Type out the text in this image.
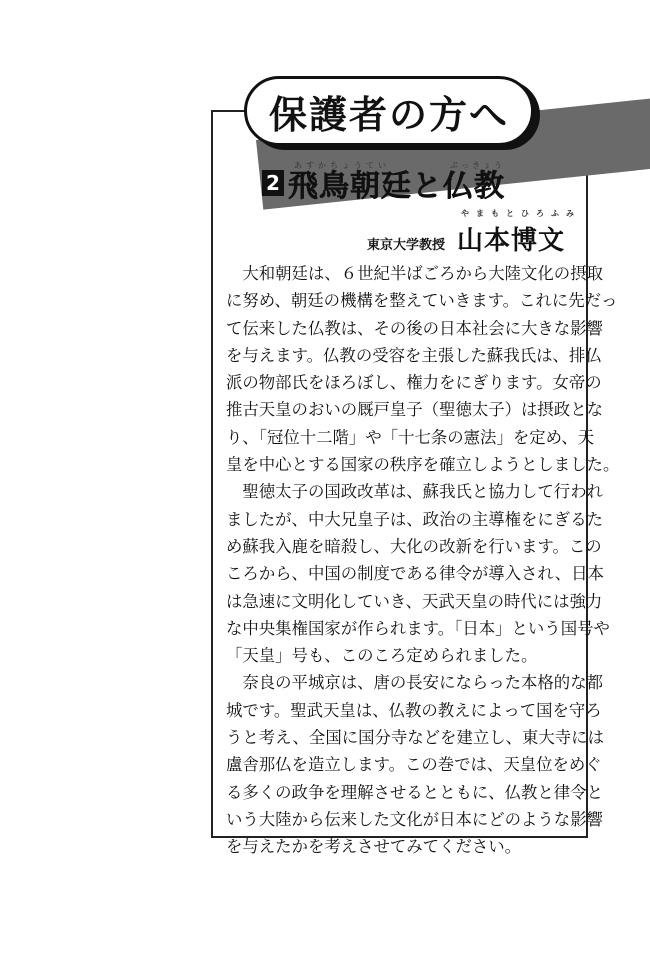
保護者の方へ
あすかちょうてい	ぶっきょう
2 飛鳥朝廷と仏教
東京大学教授
やまもとひろふみ
山本博文

　大和朝廷は、６世紀半ばごろから大陸文化の摂取
に努め、朝廷の機構を整えていきます。これに先だっ
て伝来した仏教は、その後の日本社会に大きな影響
を与えます。仏教の受容を主張した蘇我氏は、排仏
派の物部氏をほろぼし、権力をにぎります。女帝の
推古天皇のおいの厩戸皇子（聖徳太子）は摂政とな
り、「冠位十二階」や「十七条の憲法」を定め、天
皇を中心とする国家の秩序を確立しようとしました。

　聖徳太子の国政改革は、蘇我氏と協力して行われ
ましたが、中大兄皇子は、政治の主導権をにぎるた
め蘇我入鹿を暗殺し、大化の改新を行います。この
ころから、中国の制度である律令が導入され、日本
は急速に文明化していき、天武天皇の時代には強力
な中央集権国家が作られます。「日本」という国号や
「天皇」号も、このころ定められました。

　奈良の平城京は、唐の長安にならった本格的な都
城です。聖武天皇は、仏教の教えによって国を守ろ
うと考え、全国に国分寺などを建立し、東大寺には
盧舎那仏を造立します。この巻では、天皇位をめぐ
る多くの政争を理解させるとともに、仏教と律令と
いう大陸から伝来した文化が日本にどのような影響
を与えたかを考えさせてみてください。
